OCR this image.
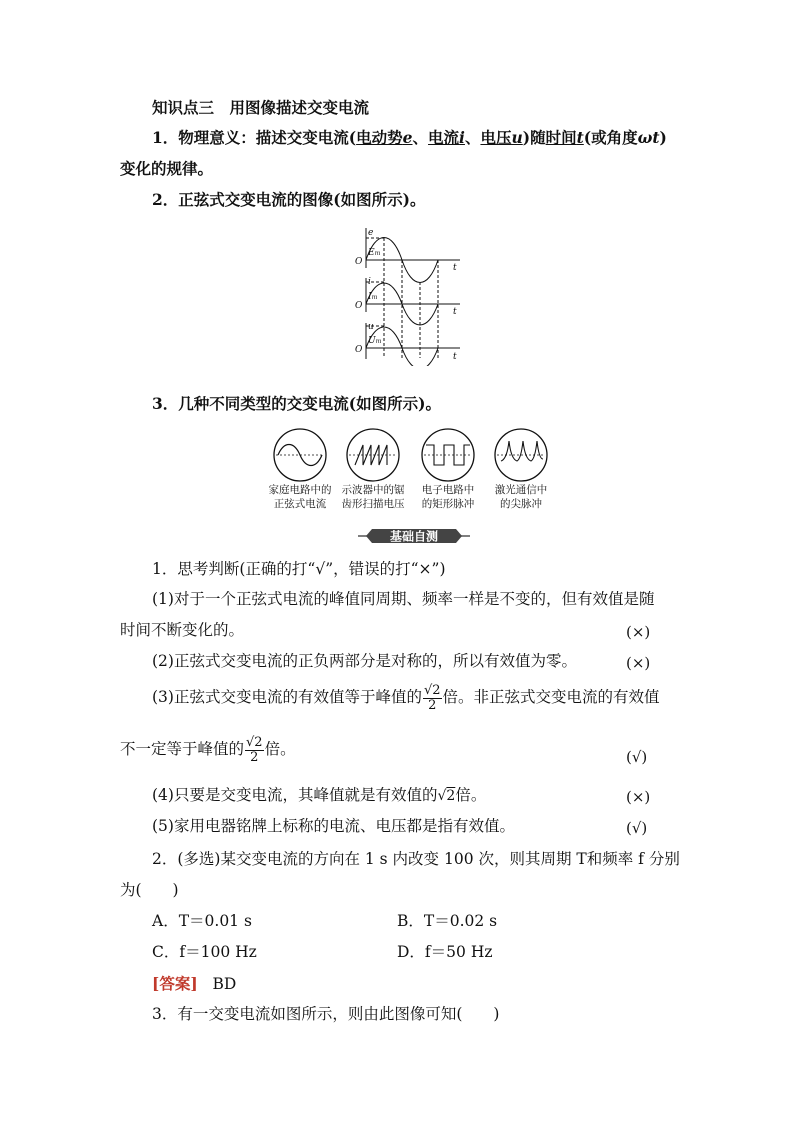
知识点三　用图像描述交变电流
1．物理意义：描述交变电流(电动势e、电流i、电压u)随时间t(或角度ωt)
变化的规律。
2．正弦式交变电流的图像(如图所示)。
e
i
u
t
t
t
O
O
O
Em
Im
Um
3．几种不同类型的交变电流(如图所示)。
家庭电路中的
正弦式电流
示波器中的锯
齿形扫描电压
电子电路中
的矩形脉冲
激光通信中
的尖脉冲
基础自测
1．思考判断(正确的打“√”，错误的打“×”)
(1)对于一个正弦式电流的峰值同周期、频率一样是不变的，但有效值是随
时间不断变化的。	(×)
(2)正弦式交变电流的正负两部分是对称的，所以有效值为零。	(×)
(3)正弦式交变电流的有效值等于峰值的 $\frac{√2}{2}$ 倍。非正弦式交变电流的有效值
不一定等于峰值的 $\frac{√2}{2}$ 倍。	(√)
(4)只要是交变电流，其峰值就是有效值的√2倍。	(×)
(5)家用电器铭牌上标称的电流、电压都是指有效值。	(√)
2．(多选)某交变电流的方向在 1 s 内改变 100 次，则其周期 T和频率 f 分别
为(　　)
A．T＝0.01 s	B．T＝0.02 s
C．f＝100 Hz	D．f＝50 Hz
[答案] BD
3．有一交变电流如图所示，则由此图像可知(　　)
